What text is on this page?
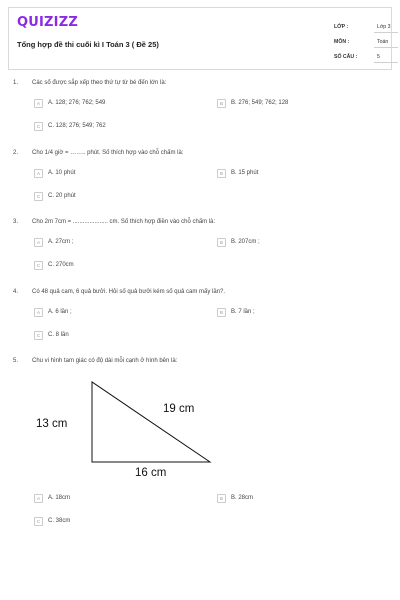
QUIZIZZ
Tổng hợp đề thi cuối kì I Toán 3 ( Đề 25)
LỚP :	Lớp 3
MÔN :	Toán
SỐ CÂU :	5
1. Các số được sắp xếp theo thứ tự từ bé đến lớn là:
A	A. 128; 276; 762; 549	B	B. 276; 549; 762; 128
C	C. 128; 276; 549; 762
2. Cho 1/4 giờ = …….. phút. Số thích hợp vào chỗ chấm là:
A	A. 10 phút	B	B. 15 phút
C	C. 20 phút
3. Cho 2m 7cm = ..................... cm. Số thích hợp điền vào chỗ chấm là:
A	A. 27cm ;	B	B. 207cm ;
C	C. 270cm
4. Có 48 quả cam, 6 quả bưởi. Hỏi số quả bưởi kém số quả cam mấy lần?.
A	A. 6 lần ;	B	B. 7 lần ;
C	C. 8 lần
5. Chu vi hình tam giác có độ dài mỗi cạnh ở hình bên là:
13 cm
19 cm
16 cm
A	A. 18cm	B	B. 28cm
C	C. 38cm
